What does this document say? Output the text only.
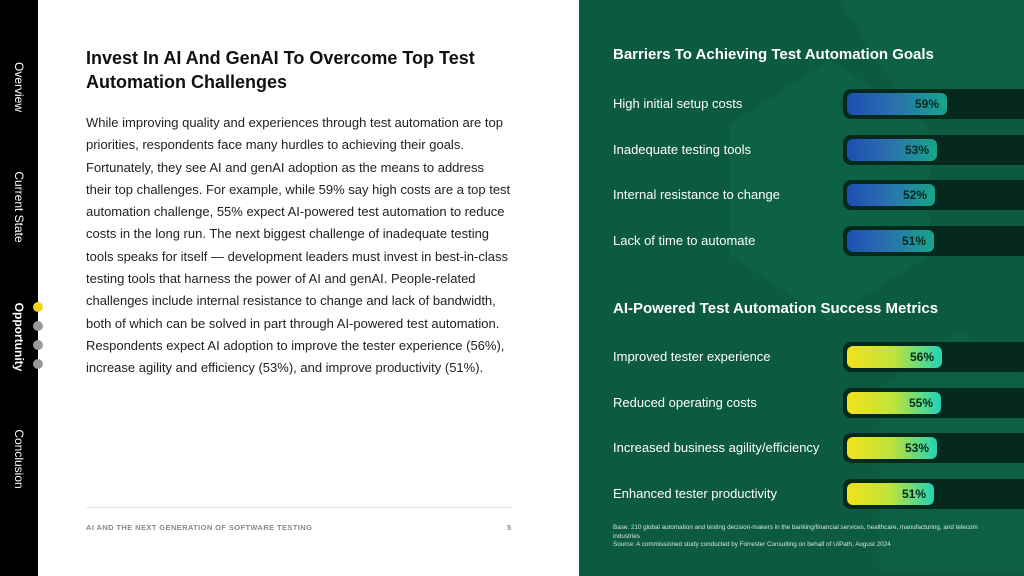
Overview
Current State
Opportunity
Conclusion
Invest In AI And GenAI To Overcome Top Test Automation Challenges
While improving quality and experiences through test automation are top priorities, respondents face many hurdles to achieving their goals. Fortunately, they see AI and genAI adoption as the means to address their top challenges. For example, while 59% say high costs are a top test automation challenge, 55% expect AI-powered test automation to reduce costs in the long run. The next biggest challenge of inadequate testing tools speaks for itself — development leaders must invest in best-in-class testing tools that harness the power of AI and genAI. People-related challenges include internal resistance to change and lack of bandwidth, both of which can be solved in part through AI-powered test automation. Respondents expect AI adoption to improve the tester experience (56%), increase agility and efficiency (53%), and improve productivity (51%).
AI AND THE NEXT GENERATION OF SOFTWARE TESTING	5
Barriers To Achieving Test Automation Goals
AI-Powered Test Automation Success Metrics
High initial setup costs	59%
Inadequate testing tools	53%
Internal resistance to change	52%
Lack of time to automate	51%
Improved tester experience	56%
Reduced operating costs	55%
Increased business agility/efficiency	53%
Enhanced tester productivity	51%
Base: 210 global automation and testing decision-makers in the banking/financial services, healthcare, manufacturing, and telecom industries
Source: A commissioned study conducted by Forrester Consulting on behalf of UiPath, August 2024
